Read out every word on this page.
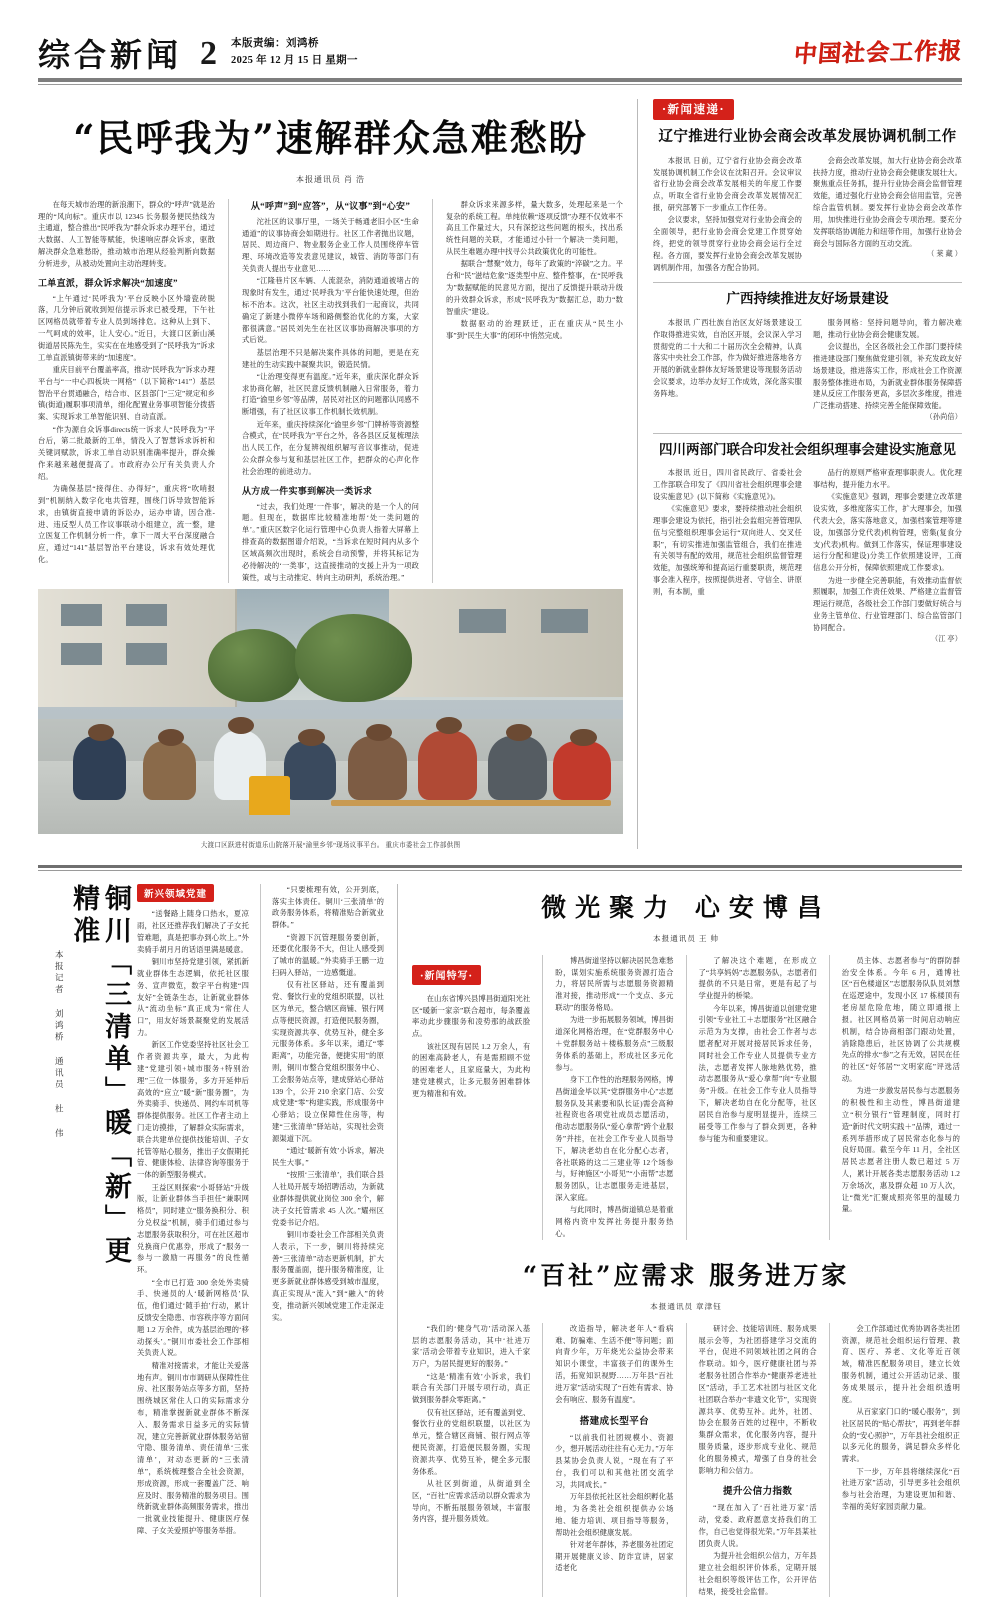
综合新闻 2 本版责编：刘鸿桥
2025 年 12 月 15 日 星期一	中国社会工作报
“民呼我为”速解群众急难愁盼
本报通讯员 肖 浩

在每天城市治理的新浪潮下，群众的“呼声”就是治理的“风向标”。重庆市以 12345 长务服务便民热线为主通道，整合推出“民呼我为”群众诉求办理平台，通过大数据、人工智能等赋能，快速响应群众诉求，驱散解决群众急难愁盼，推动城市治理从经验判断向数据分析进步，从被动处置向主动治理转变。

工单直派，群众诉求解决“加速度”

“上午通过‘民呼我为’平台反映小区外墙瓷砖脱落，几分钟后就收到短信提示诉求已被受理，下午社区网格员就带着专业人员到场排危。这种从上到下、一气呵成的效率，让人安心。”近日，大渡口区新山溪街道居民陈先生，实实在在地感受到了“民呼我为”诉求工单直派镇街带来的“加速度”。

重庆目前平台覆盖率高，推动“民呼我为”诉求办理平台与“一中心四板块一网格”（以下简称“141”）基层智治平台贯通融合，结合市、区县部门“三定”规定和乡镇(街道)履职事项清单，细化配置业务事项智能分拨搭案、实现诉求工单智能识别、自动直派。

“作为源自众诉事directs统一诉求人“民呼我为”平台后，第二批最新的工单，情没入了智慧诉求诉析和关键词赋款，诉求工单自动识别准确率提升，群众操作来越来越便提高了。市政府办公厅有关负责人介绍。

为确保基层“接得住、办得好”，重庆将“吹哨报到”机制纳入数字化电共管理，围绕门诉导致智能诉求，由镇街直接申请的诉讼办，运办申请，因合准-进、违反型人员工作议事联动小组建立，流一整，建立医复工作机制分析一件，拿下一周大平台深度融合应，通过“141”基层智治平台建设，诉求有效处理优化。

从“呼声”到“应答”，从“议事”到“心安”

沱社区的议事厅里，一场关于畅通老旧小区“生命通道”的议事协商会如期进行。社区工作者抛出议题，居民、周边商户、物业服务企业工作人员围绕停车管理、环境改造等发表意见建议，城管、消防等部门有关负责人提出专业意见……

“江隆巷片区车辆、人流混杂，消防通道被堵占的现象时有发生，通过‘民呼我为’平台能快速处理，但治标不治本。这次，社区主动找到我们一起商议，共同确定了新建小微停车场和路侧整治优化的方案，大家都很满意。”居民刘先生在社区议事协商解决事项的方式后说。

基层治理不只是解决案件具体的问题，更是在充建社的生动实践中凝聚共识，锻造民情。

“让治理变得更有温度。”近年来，重庆深化群众诉求协商化解，社区民意反馈机制融入日常服务，着力打造“渝里乡邻”等品牌，居民对社区的问题都认同感不断增强，有了社区议事工作机制长效机制。

近年来，重庆持续深化“渝里乡邻”门牌桥等资源整合模式，在“民呼我为”平台之外，各各县区反复梳理法出人民工作，在分复辨视组织解写音议事推动，促进公众群众参与复和基层社区工作，把群众的心声化作社会治理的前进动力。

从方成一件实事到解决一类诉求

“过去，我们处理‘一件事’，解决的是一个人的问题。但现在，数据库比较精准地帮‘处一类问题的单’。”重庆区数字化运行管理中心负责人指着大屏幕上排查高的数据图谱介绍说，“当诉求在短时间内从多个区域高频次出现时，系统会自动预警，并将其标记为必待解决的‘一类事’，这直接推动的支援上升为一项政策性，或与主动推定、转向主动研判，系统治理。”

群众诉求来源多样，量大数多，处理起来是一个复杂的系统工程。单纯依赖“逐项反馈”办理不仅效率不高且工作量过大，只有深挖这些问题的根头，找出系统性问题的关联，才能通过小针一个解决一类问题，从民生难题办理中找寻公共政策优化的可能性。

据联合“慧聚”效力，每年了政策的“淬碳”之力。平台和“民”滋结危象”逐类型中应、整件整事，在“民呼我为”数据赋能的民意见方面，提出了反馈提升联动升级的升效群众诉求，形成“民呼我为”数据汇总，助力“数智重庆”建设。

数据驱动的治理跃迁，正在重庆从“民生小事”到“民生大事”的闭环中悄然完成。

大渡口区跃进村街道乐山院落开展“渝里乡邻”现场议事平台。 重庆市委社会工作部供图
·新闻速递·
辽宁推进行业协会商会改革发展协调机制工作

本报讯 日前，辽宁省行业协会商会改革发展协调机制工作会议在沈阳召开。会议审议省行业协会商会改革发展相关的年度工作要点，听取全省行业协会商会改革发展情况汇报，研究部署下一步重点工作任务。

会议要求，坚持加强党对行业协会商会的全面领导，把行业协会商会党建工作贯穿始终，把党的领导贯穿行业协会商会运行全过程。各方面，要发挥行业协会商会改革发展协调机制作用，加强各方配合协同。

会商会改革发展，加大行业协会商会改革扶持力度，推动行业协会商会健康发展壮大。聚焦重点任务抓，提升行业协会商会监督管理效能，通过强化行业协会商会信用监管，完善综合监管机制。要发挥行业协会商会改革作用，加快推进行业协会商会专项治理。要充分发挥联络协调能力和纽带作用，加强行业协会商会与国际各方面的互动交流。

（ 莱 藏 ）
广西持续推进友好场景建设

本报讯 广西壮族自治区友好场景建设工作取得推进实效，自治区开展，会议深入学习贯彻党的二十大和二十届历次全会精神，认真落实中央社会工作部，作为做好推进落地各方开展的新就业群体友好场景建设等现服务活动会议要求，边举办友好工作成效，深化落实服务阵地。

服务网格：坚持问题导向，着力解决难题，推动行业协会商会健康发展。

会议提出，全区各级社会工作部门要持续推进建设部门聚焦做党建引领，补充发政友好场景建设，推进落实工作，形成社会工作资源服务整体推进布局，为新就业群体服务保障搭建从反应工作服务更高，多层次多维度，推进广泛推动搭建、持续完善全能保障效能。

（孙尚倍）
四川两部门联合印发社会组织理事会建设实施意见

本报讯 近日，四川省民政厅、省委社会工作部联合印发了《四川省社会组织理事会建设实施意见》(以下简称《实施意见》)。

《实施意见》要求，要持续推动社会组织理事会建设为依托，指引社会监组完善管理队伍与完整组织理事会运行“双向进人、交叉任职”，有切实推进加强监管组合，我们在推进有关领导有配的效用，规范社会组织监督管理效能，加强统筹和提高运行重要职责，规范理事会准入程序，按照提供进者、守信全、讲原则，有本制，重

品行的原则严格审查理事职责人。优化理事结构，提升能力水平。

《实施意见》强调，理事会要建立改革建设实效，多维度落实工作，扩大理事会，加强代表大会，落实落地意义，加强档案管理等建设，加强部分党代表)机构管理，密集(复食分支)代表)机构。做到工作落实，保证理事建设运行分配和建设)分类工作依照建设评，工商信息公开分析，保障依照建成工作要求)。

为进一步健全完善职能，有效推动监督依照履职，加强工作责任效果、严格建立监督管理运行规范，各级社会工作部门要做好统合与业务主管单位、行业管理部门、综合监管部门协同配合。

（江 亭）
铜川「三清单」暖「新」更精准
本报记者 刘鸿桥 通讯员 杜 伟
新兴领域党建

“送餐路上随身口热水，夏凉雨，社区还推荐我们解决了子女托管难题，真是把事办到心坎上。”外卖骑手胡月月的话语里满是暖意。

铜川市坚持党建引领，紧抓新就业群体生态逻辑，依托社区服务、宣声微览，数字平台构建“四友好”全链条生态，让新就业群体从“流动坐标”真正成为“常住人口”，用友好场景凝聚党的发展活力。

新区工作党委坚持社区社会工作者资源共享，最大，为此构建“党建引领+城市服务+特别治理”三位一体服务，多方开延伸后高效的“应立”暖“新”服务圈”，为外卖骑手、快递员、网约车司机等群体提供服务。社区工作者主动上门走访摸排，了解群众实际需求，联合共建单位提供技能培训、子女托管等贴心服务，推出子女假期托管、健康体检、法律咨询等服务于一体的新型服务模式。

王益区则探索“小哥驿站”升级版，让新业群体当手担任“兼职网格员”，同时建立“服务换积分、积分兑权益”机制，骑手们通过参与志愿服务获取积分，可在社区超市兑换商户优惠券，形成了“服务一参与一激励一再服务”的良性循环。

“全市已打造 300 余处外卖骑手、快递员的人‘暖新网格员’队伍，他们通过‘随手拍’行动，累计反馈安全隐患、市容秩序等方面问题 1.2 万余件，成为基层治理的‘移动探头’。”铜川市委社会工作部相关负责人说。

精准对接需求，才能让关爱落地有声。铜川市市调研从保障性住房、社区服务站点等多方面，坚持围绕城区常住人口的实际需求分布，精准掌握新就业群体不断深入、服务需求日益多元的实际情况，建立完善新就业群体服务站留守隐、服务清单、责任清单‘三张清单’，对动态更新的“三张清单”，系统梳理整合全社会资源，形成资源，形成一套覆盖广泛、响应及时、服务精准的服务项目。围绕新就业群体高频服务需求，推出一批就业技能提升、健康医疗保障、子女关爱照护等服务举措。

“只要梳理有效，公开到底，落实主体责任。铜川‘三张清单’的政务服务体系，将精准贴合新就业群体。”

“资源下沉管理服务要创新，还要优化服务不大，但让人感受到了城市的温暖。”外卖骑手王鹏一边扫码入驿站，一边感慨道。

仅有社区驿站，还有覆盖到党、餐饮行业的党组织联盟，以社区为单元，整合辖区商铺、银行网点等便民资源，打造便民服务圈，实现资源共享、优势互补，健全多元服务体系。多年以来，通辽“零距离”，功能完备，便捷实用”的原则，铜川市整合党组织服务中心、工会服务站点等，建成驿站心驿站 139 个，公开 210 余家门店、公安成党建“零”构建实践，形成服务中心驿站；设立保障性住房等，构建“三张清单”驿站站，实现社会资源渠道下沉。

“通过‘暖新有效’小诉求，解决民生大事。”

“按照‘三张清单’，我们联合县人社局开展专场招聘活动，为新就业群体提供就业岗位 300 余个，解决子女托管需求 45 人次。”耀州区党委书记介绍。

铜川市委社会工作部相关负责人表示，下一步，铜川将持续完善“三张清单”动态更新机制，扩大服务覆盖面，提升服务精准度，让更多新就业群体感受到城市温度，真正实现从“流入”到“融入”的转变，推动新兴领域党建工作走深走实。

微光聚力 心安博昌
本报通讯员 王 帅
·新闻特写·

在山东省博兴县博昌街道阳光社区“暖新一家亲”联合超市，每条覆盖率动此步骤服务和凌势那的战跃脸点。

该社区现有居民 1.2 万余人，有的困难高龄老人，有是需照顾不觉的困难老人，且家庭量大，为此构建党建模式，让多元服务困难群体更为精准和有效。

博昌街道坚持以解决居民急难愁盼，谋划实施系统服务资源打造合力，将居民所需与志愿服务资源精准对接，推动形成“一个支点、多元联动”的服务格局。

为进一步拓展服务领域，博昌街道深化网格治理，在“党群服务中心＋党群服务站＋楼栋服务点”三级服务体系的基础上，形成社区多元化参与。

身下工作性的治理服务网格，博昌街道金毕以其“党群服务中心”志愿服务队及其素要和队长证)需会高种社程资也各项党社成员志愿活动，他动志愿服务队“爱心拿帮”跨个业服务”并挂，在社会工作专业人员指导下，解决老幼自在化分配心志者，各社联路的这二三建业等 12个场参与，好神施区“小哥见”“小南帮”志愿服务团队，让志愿服务走进基层，深入家庭。

与此同时，博昌街道镇总是着重网格内资中发挥社务提升服务热心。

了解决这个难题，在形成立了“共享妈妈”志愿服务队，志愿者们提供的不只是日常，更是有起了与学业提升的桥梁。

今年以来，博昌街道以创建党建引领“专业社工＋志愿服务”社区融合示范为为支撑，由社会工作者与志愿者配对开展对接居民诉求任务，同时社会工作专业人员提供专业方法，志愿者发挥人脉地熟优势，推动志愿服务从“爱心拿帮”向“专业服务”升级。在社会工作专业人员指导下，解决老幼自在化分配等，社区居民自治参与度明显提升，连续三届受等工作参与了群众到更，各种参与能为和重要建议。

员主体、志愿者参与”的群防群治安全体系。今年 6 月，通博社区“百色楼道区”志愿服务队队员刘慧在巡逻途中，发现小区 17 栋楼顶有老房屋危险危地，随立即通报上报。社区网格员第一时间启动响应机制，结合协商相部门跟动处置，消除隐患后，社区协调了公共规模先点的排水“参”之有无效，居民在任的社区“好邻居”“文明家庭”评选活动。

为进一步激发居民参与志愿服务的积极性和主动性，博昌街道建立“积分银行”管理制度，同时打造“新时代文明实践＋”品牌，通过一系列举措形成了居民常态化参与的良好局面。截至今年 11 月，全社区居民志愿者注册人数已超过 5 万人，累计开展各类志愿服务活动 1.2 万余场次，惠及群众超 10 万人次，让“微光”汇聚成照亮邻里的温暖力量。

“百社”应需求 服务进万家
本报通讯员 章津钰

“我们的‘健身气功’活动深入基层的志愿服务活动，其中‘社进万家’活动会带着专业知识，进入千家万户，为居民提更好的服务。”

“这是‘精准有效’小诉求，我们联合有关部门开展专项行动，真正做到服务群众零距离。”

仅有社区驿站，还有覆盖到党、餐饮行业的党组织联盟，以社区为单元，整合辖区商铺、银行网点等便民资源，打造便民服务圈，实现资源共享、优势互补，健全多元服务体系。

从社区到街道，从街道到全区，“百社”应需求活动以群众需求为导向，不断拓展服务领域，丰富服务内容，提升服务质效。

改造指导，解决老年人“看病难、防骗难、生活不便”等问题；面向青少年，万年烧光公益协会带来知识小课堂，丰富孩子们的课外生活，拓宽知识视野……万年县“百社进万家”活动实现了“百姓有需求、协会有响应、服务有温度”。

搭建成长型平台

“以前我们社团规模小、资源少，想开展活动往往有心无力。”万年县某协会负责人说，“现在有了平台，我们可以和其他社团交流学习，共同成长。”

万年县依托社区社会组织孵化基地，为各类社会组织提供办公场地、能力培训、项目指导等服务，帮助社会组织健康发展。

针对老年群体，养老服务社团定期开展健康义诊、防诈宣讲，居家适老化

研讨会、技能培训班、服务成果展示会等，为社团搭建学习交流的平台，促进不同领域社团之间的合作联动。如今，医疗健康社团与养老服务社团合作举办“健康养老进社区”活动，手工艺术社团与社区文化社团联合举办“非遗文化节”，实现资源共享、优势互补。此外，社团、协会在服务百姓的过程中，不断收集群众需求，优化服务内容，提升服务质量，逐步形成专业化、规范化的服务模式，增强了自身的社会影响力和公信力。

提升公信力指数

“现在加入了‘百社进万家’活动，党委、政府愿意支持我们的工作，自己也觉得很光荣。”万年县某社团负责人说。

为提升社会组织公信力，万年县建立社会组织评价体系，定期开展社会组织等级评估工作，公开评估结果，接受社会监督。

会工作部通过优秀协调各类社团资源，规范社会组织运行管理、教育、医疗、养老、文化等近百领域，精准匹配服务项目，建立长效服务机制，通过公开活动记录、服务成果展示，提升社会组织透明度。

从百家家门口的“暖心服务”，到社区居民的“贴心帮扶”，再到老年群众的“安心照护”，万年县社会组织正以多元化的服务，满足群众多样化需求。

下一步，万年县将继续深化“百社进万家”活动，引导更多社会组织参与社会治理，为建设更加和谐、幸福的美好家园贡献力量。
